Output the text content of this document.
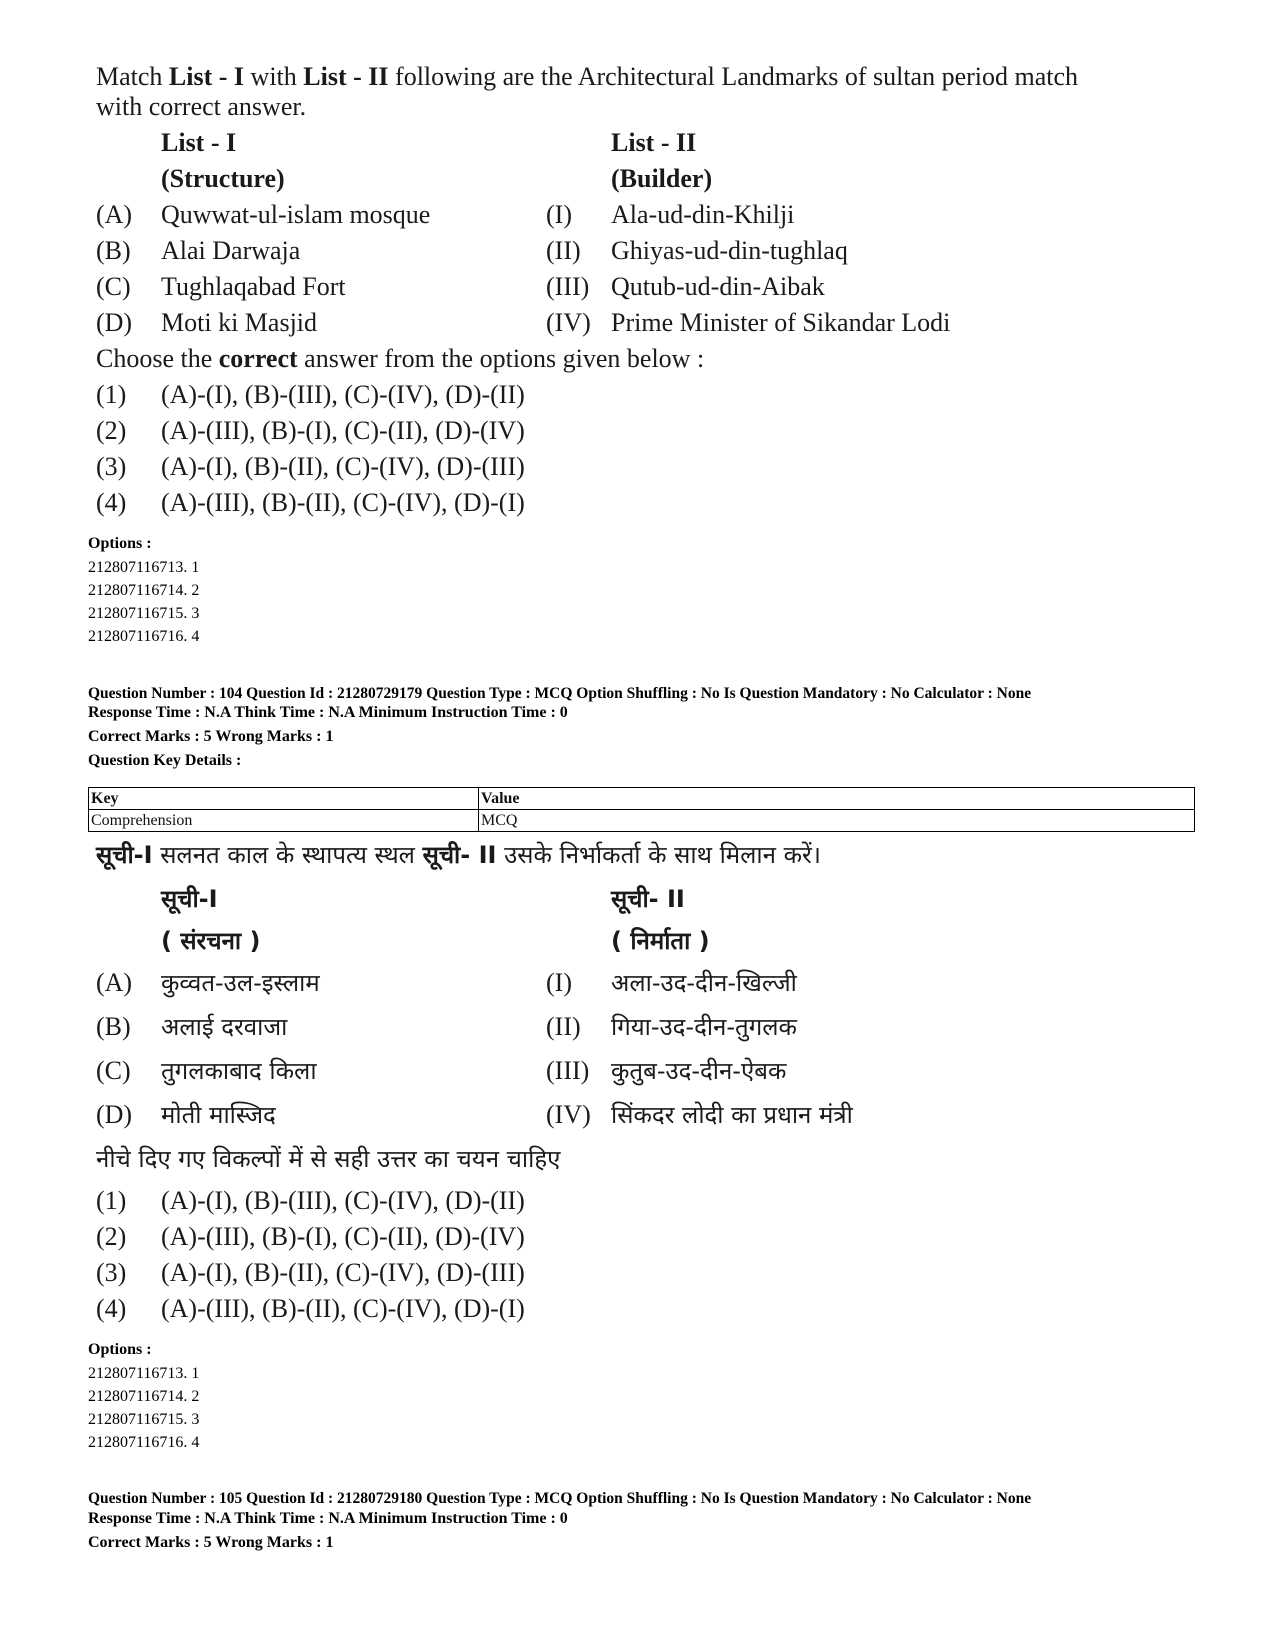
Match List - I with List - II following are the Architectural Landmarks of sultan period match
with correct answer.
List - I
(Structure)
List - II
(Builder)
(A) Quwwat-ul-islam mosque	(I) Ala-ud-din-Khilji
(B) Alai Darwaja	(II) Ghiyas-ud-din-tughlaq
(C) Tughlaqabad Fort	(III) Qutub-ud-din-Aibak
(D) Moti ki Masjid	(IV) Prime Minister of Sikandar Lodi
Choose the correct answer from the options given below :
(1) (A)-(I), (B)-(III), (C)-(IV), (D)-(II)
(2) (A)-(III), (B)-(I), (C)-(II), (D)-(IV)
(3) (A)-(I), (B)-(II), (C)-(IV), (D)-(III)
(4) (A)-(III), (B)-(II), (C)-(IV), (D)-(I)
Options :
212807116713. 1
212807116714. 2
212807116715. 3
212807116716. 4
Question Number : 104 Question Id : 21280729179 Question Type : MCQ Option Shuffling : No Is Question Mandatory : No Calculator : None
Response Time : N.A Think Time : N.A Minimum Instruction Time : 0
Correct Marks : 5 Wrong Marks : 1
Question Key Details :
Key	Value
Comprehension	MCQ
सूची-I सलनत काल के स्थापत्य स्थल सूची- II उसके निर्भाकर्ता के साथ मिलान करें।
सूची-I
( संरचना )
सूची- II
( निर्माता )
(A) कुव्वत-उल-इस्लाम	(I) अला-उद-दीन-खिल्जी
(B) अलाई दरवाजा	(II) गिया-उद-दीन-तुगलक
(C) तुगलकाबाद किला	(III) कुतुब-उद-दीन-ऐबक
(D) मोती मास्जिद	(IV) सिंकदर लोदी का प्रधान मंत्री
नीचे दिए गए विकल्पों में से सही उत्तर का चयन चाहिए
(1) (A)-(I), (B)-(III), (C)-(IV), (D)-(II)
(2) (A)-(III), (B)-(I), (C)-(II), (D)-(IV)
(3) (A)-(I), (B)-(II), (C)-(IV), (D)-(III)
(4) (A)-(III), (B)-(II), (C)-(IV), (D)-(I)
Options :
212807116713. 1
212807116714. 2
212807116715. 3
212807116716. 4
Question Number : 105 Question Id : 21280729180 Question Type : MCQ Option Shuffling : No Is Question Mandatory : No Calculator : None
Response Time : N.A Think Time : N.A Minimum Instruction Time : 0
Correct Marks : 5 Wrong Marks : 1
